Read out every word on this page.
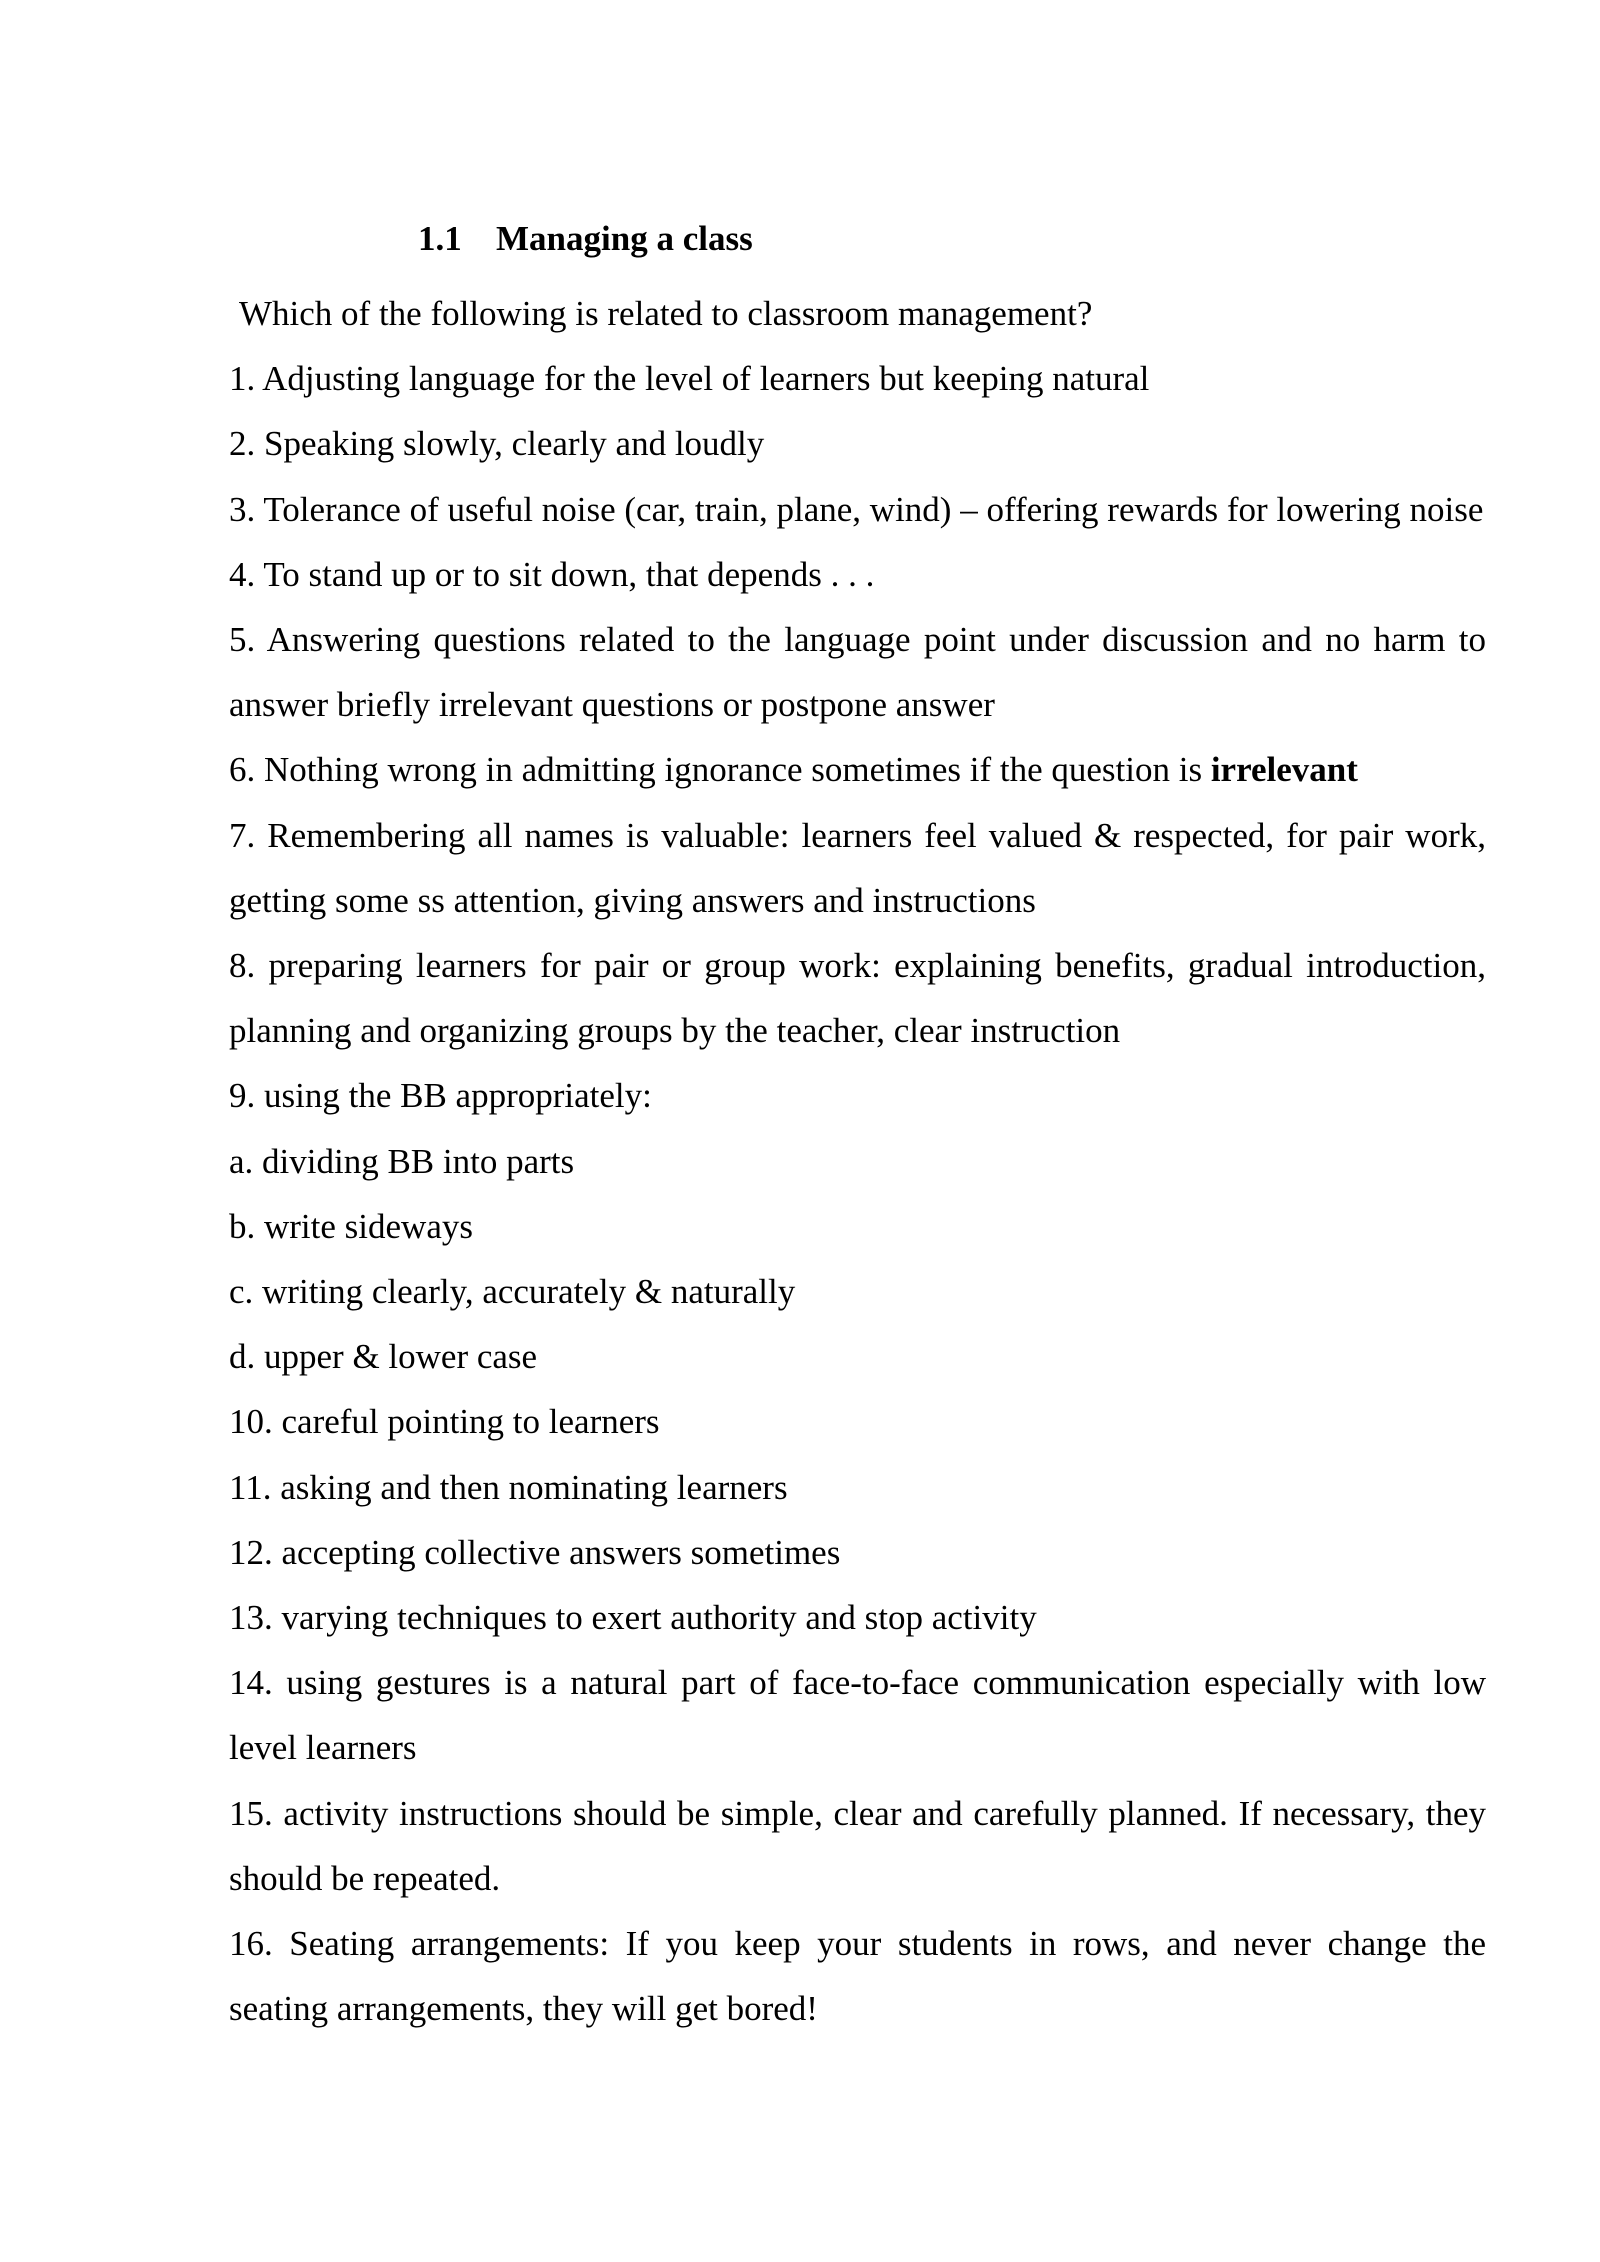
1.1 Managing a class

Which of the following is related to classroom management?

1. Adjusting language for the level of learners but keeping natural

2. Speaking slowly, clearly and loudly

3. Tolerance of useful noise (car, train, plane, wind) – offering rewards for lowering noise

4. To stand up or to sit down, that depends . . .

5. Answering questions related to the language point under discussion and no harm to answer briefly irrelevant questions or postpone answer

6. Nothing wrong in admitting ignorance sometimes if the question is irrelevant

7. Remembering all names is valuable: learners feel valued & respected, for pair work, getting some ss attention, giving answers and instructions

8. preparing learners for pair or group work: explaining benefits, gradual introduction, planning and organizing groups by the teacher, clear instruction

9. using the BB appropriately:

a. dividing BB into parts

b. write sideways

c. writing clearly, accurately & naturally

d. upper & lower case

10. careful pointing to learners

11. asking and then nominating learners

12. accepting collective answers sometimes

13. varying techniques to exert authority and stop activity

14. using gestures is a natural part of face-to-face communication especially with low level learners

15. activity instructions should be simple, clear and carefully planned. If necessary, they should be repeated.

16. Seating arrangements: If you keep your students in rows, and never change the seating arrangements, they will get bored!
